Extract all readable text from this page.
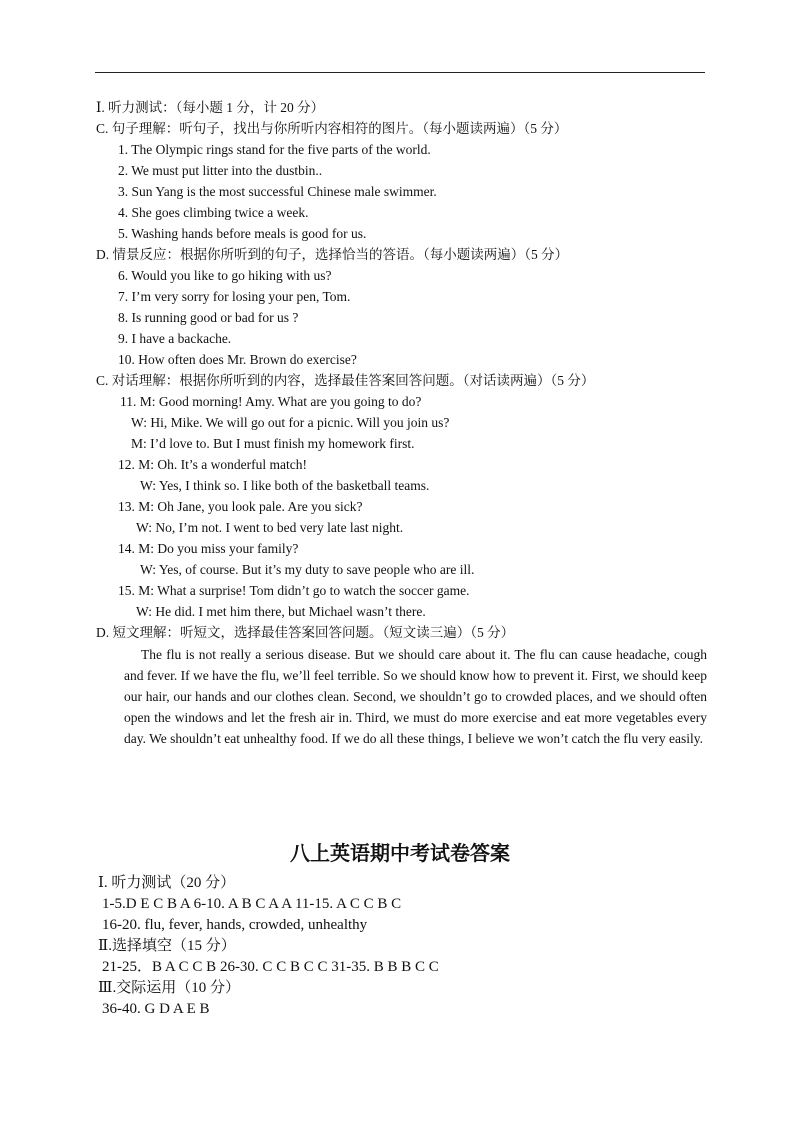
Ⅰ. 听力测试：（每小题 1 分，计 20 分）
C. 句子理解：听句子，找出与你所听内容相符的图片。（每小题读两遍）（5 分）
1. The Olympic rings stand for the five parts of the world.
2. We must put litter into the dustbin..
3. Sun Yang is the most successful Chinese male swimmer.
4. She goes climbing twice a week.
5. Washing hands before meals is good for us.
D. 情景反应：根据你所听到的句子，选择恰当的答语。（每小题读两遍）（5 分）
6. Would you like to go hiking with us?
7. I’m very sorry for losing your pen, Tom.
8. Is running good or bad for us ?
9. I have a backache.
10. How often does Mr. Brown do exercise?
C. 对话理解：根据你所听到的内容，选择最佳答案回答问题。（对话读两遍）（5 分）
11. M: Good morning! Amy. What are you going to do?
W: Hi, Mike. We will go out for a picnic. Will you join us?
M: I’d love to. But I must finish my homework first.
12. M: Oh. It’s a wonderful match!
W: Yes, I think so. I like both of the basketball teams.
13. M: Oh Jane, you look pale. Are you sick?
W: No, I’m not. I went to bed very late last night.
14. M: Do you miss your family?
W: Yes, of course. But it’s my duty to save people who are ill.
15. M: What a surprise! Tom didn’t go to watch the soccer game.
W: He did. I met him there, but Michael wasn’t there.
D. 短文理解：听短文，选择最佳答案回答问题。（短文读三遍）（5 分）
The flu is not really a serious disease. But we should care about it. The flu can cause headache, cough and fever. If we have the flu, we’ll feel terrible. So we should know how to prevent it. First, we should keep our hair, our hands and our clothes clean. Second, we shouldn’t go to crowded places, and we should often open the windows and let the fresh air in. Third, we must do more exercise and eat more vegetables every day. We shouldn’t eat unhealthy food. If we do all these things, I believe we won’t catch the flu very easily.
八上英语期中考试卷答案
Ⅰ. 听力测试（20 分）
1-5.D E C B A 6-10. A B C A A 11-15. A C C B C
16-20. flu, fever, hands, crowded, unhealthy
Ⅱ.选择填空（15 分）
21-25．B A C C B 26-30. C C B C C 31-35. B B B C C
Ⅲ.交际运用（10 分）
36-40. G D A E B
